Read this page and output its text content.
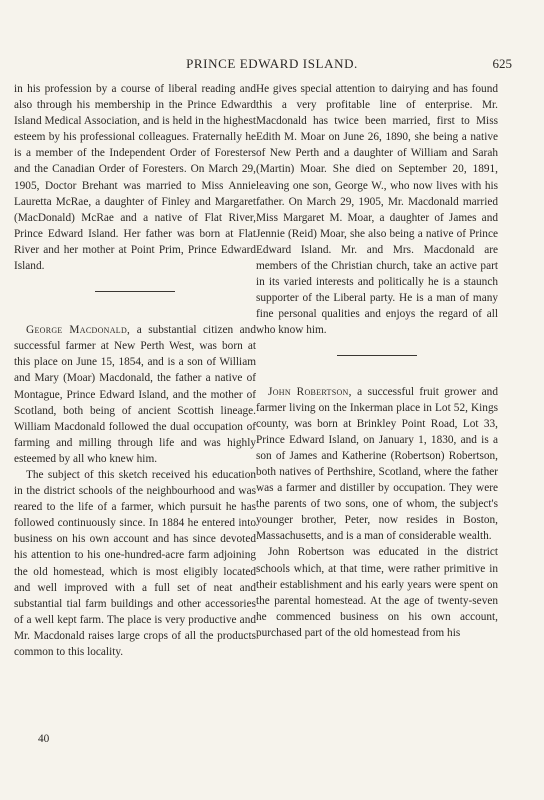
PRINCE EDWARD ISLAND.	625

in his profession by a course of liberal reading and also through his membership in the Prince Edward Island Medical Association, and is held in the highest esteem by his professional colleagues. Fraternally he is a member of the Independent Order of Foresters and the Canadian Order of Foresters. On March 29, 1905, Doctor Brehant was married to Miss Annie Lauretta McRae, a daughter of Finley and Margaret (MacDonald) McRae and a native of Flat River, Prince Edward Island. Her father was born at Flat River and her mother at Point Prim, Prince Edward Island.

George Macdonald, a substantial citizen and successful farmer at New Perth West, was born at this place on June 15, 1854, and is a son of William and Mary (Moar) Macdonald, the father a native of Montague, Prince Edward Island, and the mother of Scotland, both being of ancient Scottish lineage. William Macdonald followed the dual occupation of farming and milling through life and was highly esteemed by all who knew him.

The subject of this sketch received his education in the district schools of the neighbourhood and was reared to the life of a farmer, which pursuit he has followed continuously since. In 1884 he entered into business on his own account and has since devoted his attention to his one-hundred-acre farm adjoining the old homestead, which is most eligibly located and well improved with a full set of neat and substantial tial farm buildings and other accessories of a well kept farm. The place is very productive and Mr. Macdonald raises large crops of all the products common to this locality.

40

He gives special attention to dairying and has found this a very profitable line of enterprise. Mr. Macdonald has twice been married, first to Miss Edith M. Moar on June 26, 1890, she being a native of New Perth and a daughter of William and Sarah (Martin) Moar. She died on September 20, 1891, leaving one son, George W., who now lives with his father. On March 29, 1905, Mr. Macdonald married Miss Margaret M. Moar, a daughter of James and Jennie (Reid) Moar, she also being a native of Prince Edward Island. Mr. and Mrs. Macdonald are members of the Christian church, take an active part in its varied interests and politically he is a staunch supporter of the Liberal party. He is a man of many fine personal qualities and enjoys the regard of all who know him.

John Robertson, a successful fruit grower and farmer living on the Inkerman place in Lot 52, Kings county, was born at Brinkley Point Road, Lot 33, Prince Edward Island, on January 1, 1830, and is a son of James and Katherine (Robertson) Robertson, both natives of Perthshire, Scotland, where the father was a farmer and distiller by occupation. They were the parents of two sons, one of whom, the subject's younger brother, Peter, now resides in Boston, Massachusetts, and is a man of considerable wealth.

John Robertson was educated in the district schools which, at that time, were rather primitive in their establishment and his early years were spent on the parental homestead. At the age of twenty-seven he commenced business on his own account, purchased part of the old homestead from his
